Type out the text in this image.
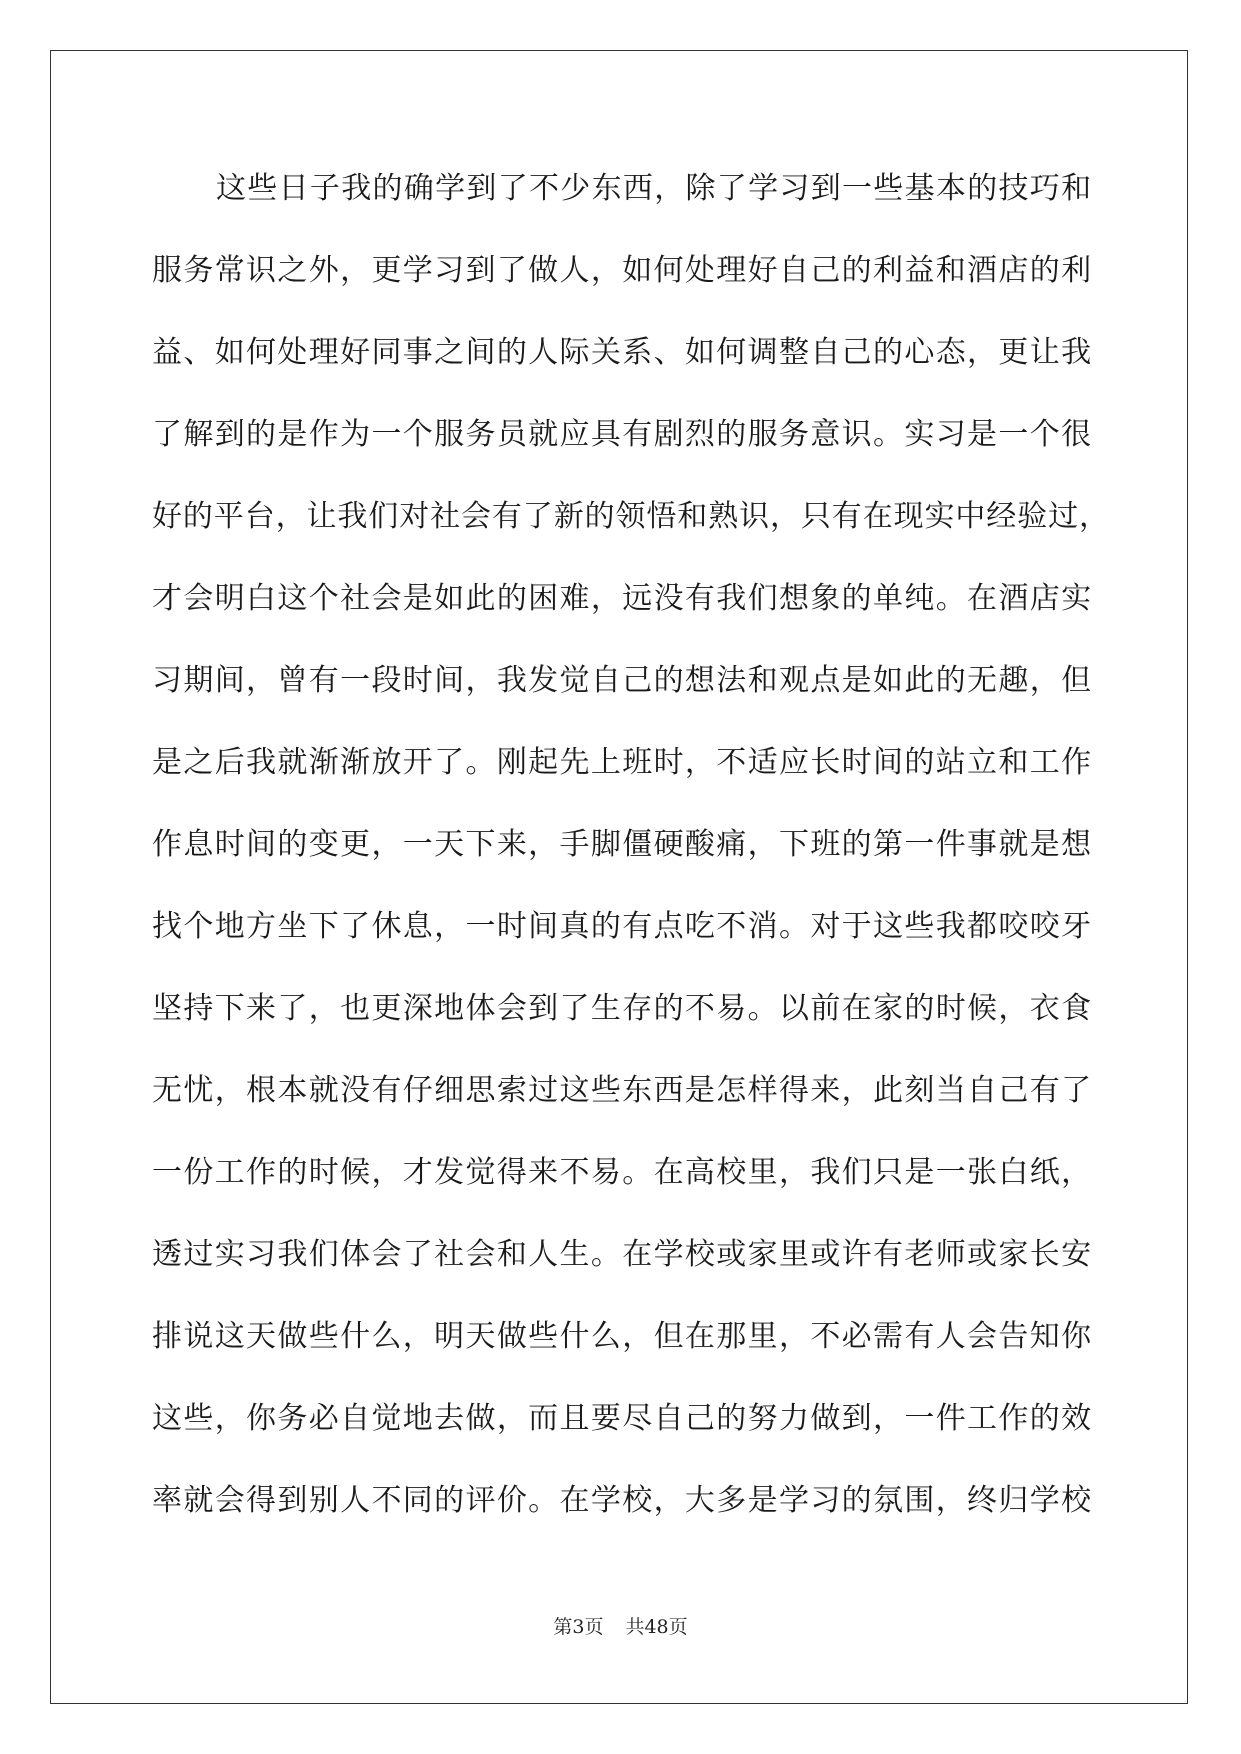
这些日子我的确学到了不少东西，除了学习到一些基本的技巧和
服务常识之外，更学习到了做人，如何处理好自己的利益和酒店的利
益、如何处理好同事之间的人际关系、如何调整自己的心态，更让我
了解到的是作为一个服务员就应具有剧烈的服务意识。实习是一个很
好的平台，让我们对社会有了新的领悟和熟识，只有在现实中经验过，
才会明白这个社会是如此的困难，远没有我们想象的单纯。在酒店实
习期间，曾有一段时间，我发觉自己的想法和观点是如此的无趣，但
是之后我就渐渐放开了。刚起先上班时，不适应长时间的站立和工作
作息时间的变更，一天下来，手脚僵硬酸痛，下班的第一件事就是想
找个地方坐下了休息，一时间真的有点吃不消。对于这些我都咬咬牙
坚持下来了，也更深地体会到了生存的不易。以前在家的时候，衣食
无忧，根本就没有仔细思索过这些东西是怎样得来，此刻当自己有了
一份工作的时候，才发觉得来不易。在高校里，我们只是一张白纸，
透过实习我们体会了社会和人生。在学校或家里或许有老师或家长安
排说这天做些什么，明天做些什么，但在那里，不必需有人会告知你
这些，你务必自觉地去做，而且要尽自己的努力做到，一件工作的效
率就会得到别人不同的评价。在学校，大多是学习的氛围，终归学校
第3页 共48页
